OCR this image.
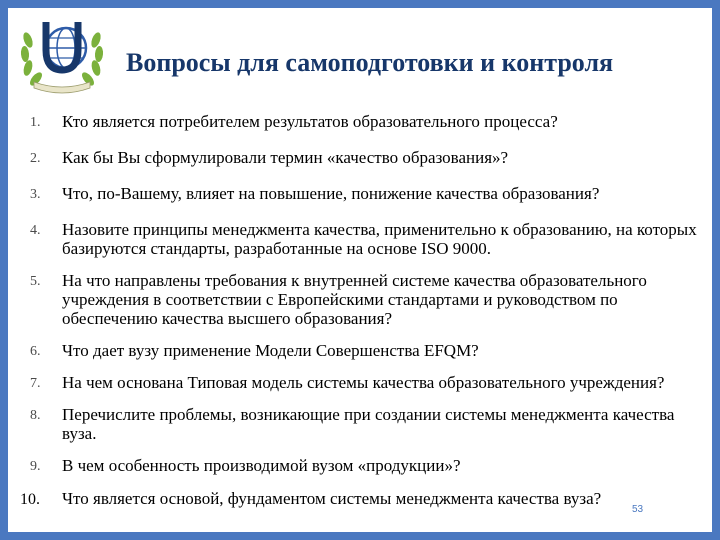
Вопросы для самоподготовки и контроля
1. Кто является потребителем результатов образовательного процесса?
2. Как бы Вы сформулировали термин «качество образования»?
3. Что, по-Вашему, влияет на повышение, понижение качества образования?
4. Назовите принципы менеджмента качества, применительно к образованию, на которых базируются стандарты, разработанные на основе ISO 9000.
5. На что направлены требования к внутренней системе качества образовательного учреждения в соответствии с Европейскими стандартами и руководством по обеспечению качества высшего образования?
6. Что дает вузу применение Модели Совершенства EFQM?
7. На чем основана Типовая модель системы качества образовательного учреждения?
8. Перечислите проблемы, возникающие при создании системы менеджмента качества вуза.
9. В чем особенность производимой вузом «продукции»?
10. Что является основой, фундаментом системы менеджмента качества вуза?
53
